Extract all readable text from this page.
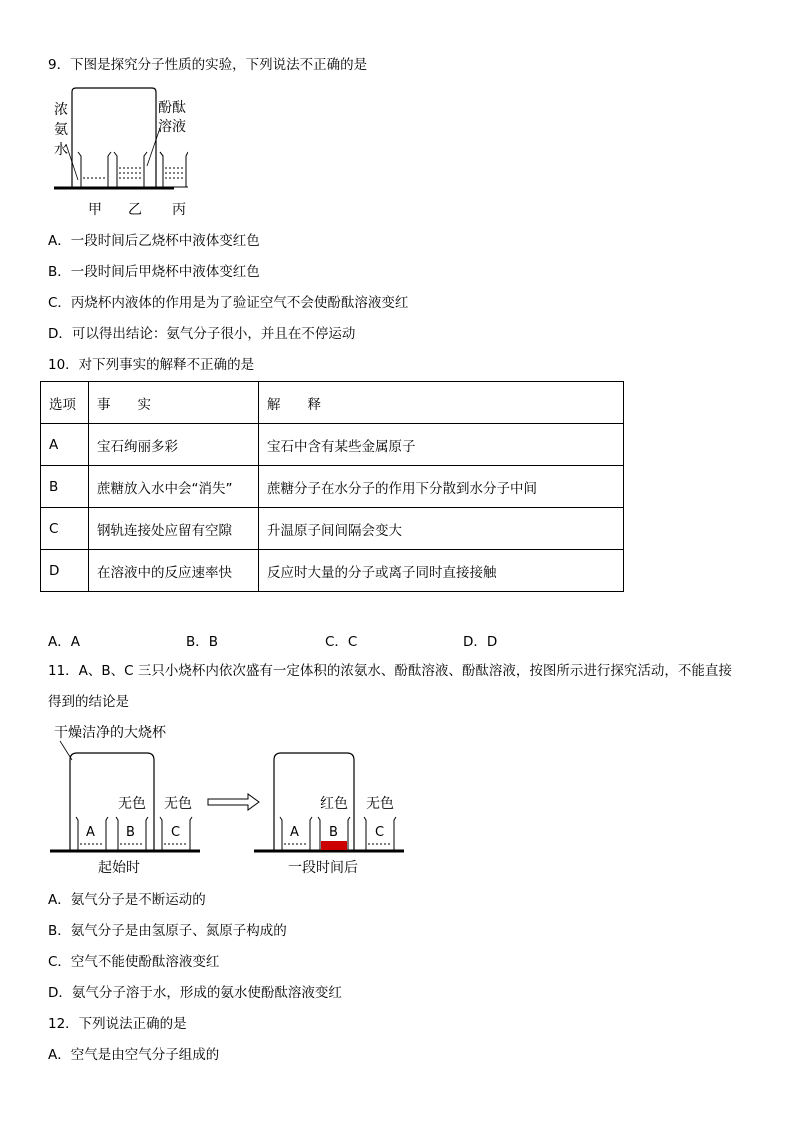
9．下图是探究分子性质的实验，下列说法不正确的是
浓
氨
水
酚酞
溶液
甲 乙 丙
A．一段时间后乙烧杯中液体变红色
B．一段时间后甲烧杯中液体变红色
C．丙烧杯内液体的作用是为了验证空气不会使酚酞溶液变红
D．可以得出结论：氨气分子很小，并且在不停运动
10．对下列事实的解释不正确的是
选项	事　　实	解　　释
A	宝石绚丽多彩	宝石中含有某些金属原子
B	蔗糖放入水中会“消失”	蔗糖分子在水分子的作用下分散到水分子中间
C	钢轨连接处应留有空隙	升温原子间间隔会变大
D	在溶液中的反应速率快	反应时大量的分子或离子同时直接接触
A．A	B．B	C．C	D．D
11．A、B、C 三只小烧杯内依次盛有一定体积的浓氨水、酚酞溶液、酚酞溶液，按图所示进行探究活动，不能直接
得到的结论是
干燥洁净的大烧杯
A B	C
无色 无色
起始时
A B	C
红色 无色
一段时间后
A．氨气分子是不断运动的
B．氨气分子是由氢原子、氮原子构成的
C．空气不能使酚酞溶液变红
D．氨气分子溶于水，形成的氨水使酚酞溶液变红
12．下列说法正确的是
A．空气是由空气分子组成的
